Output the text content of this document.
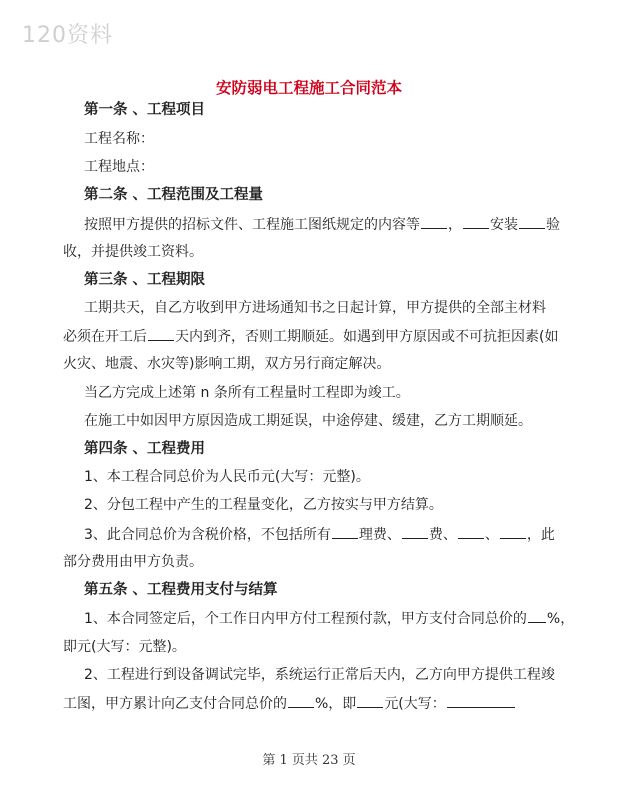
120资料
安防弱电工程施工合同范本
第一条 、工程项目
工程名称：
工程地点：
第二条 、工程范围及工程量
按照甲方提供的招标文件、工程施工图纸规定的内容等 ， 安装 验
收，并提供竣工资料。
第三条 、工程期限
工期共天，自乙方收到甲方进场通知书之日起计算，甲方提供的全部主材料
必须在开工后 天内到齐，否则工期顺延。如遇到甲方原因或不可抗拒因素(如
火灾、地震、水灾等)影响工期，双方另行商定解决。
当乙方完成上述第 n 条所有工程量时工程即为竣工。
在施工中如因甲方原因造成工期延误，中途停建、缓建，乙方工期顺延。
第四条 、工程费用
1、本工程合同总价为人民币元(大写：元整)。
2、分包工程中产生的工程量变化，乙方按实与甲方结算。
3、此合同总价为含税价格，不包括所有 理费、 费、 、 ，此
部分费用由甲方负责。
第五条 、工程费用支付与结算
1、本合同签定后，个工作日内甲方付工程预付款，甲方支付合同总价的 %，
即元(大写：元整)。
2、工程进行到设备调试完毕，系统运行正常后天内，乙方向甲方提供工程竣
工图，甲方累计向乙支付合同总价的 %，即 元(大写：
第 1 页共 23 页
